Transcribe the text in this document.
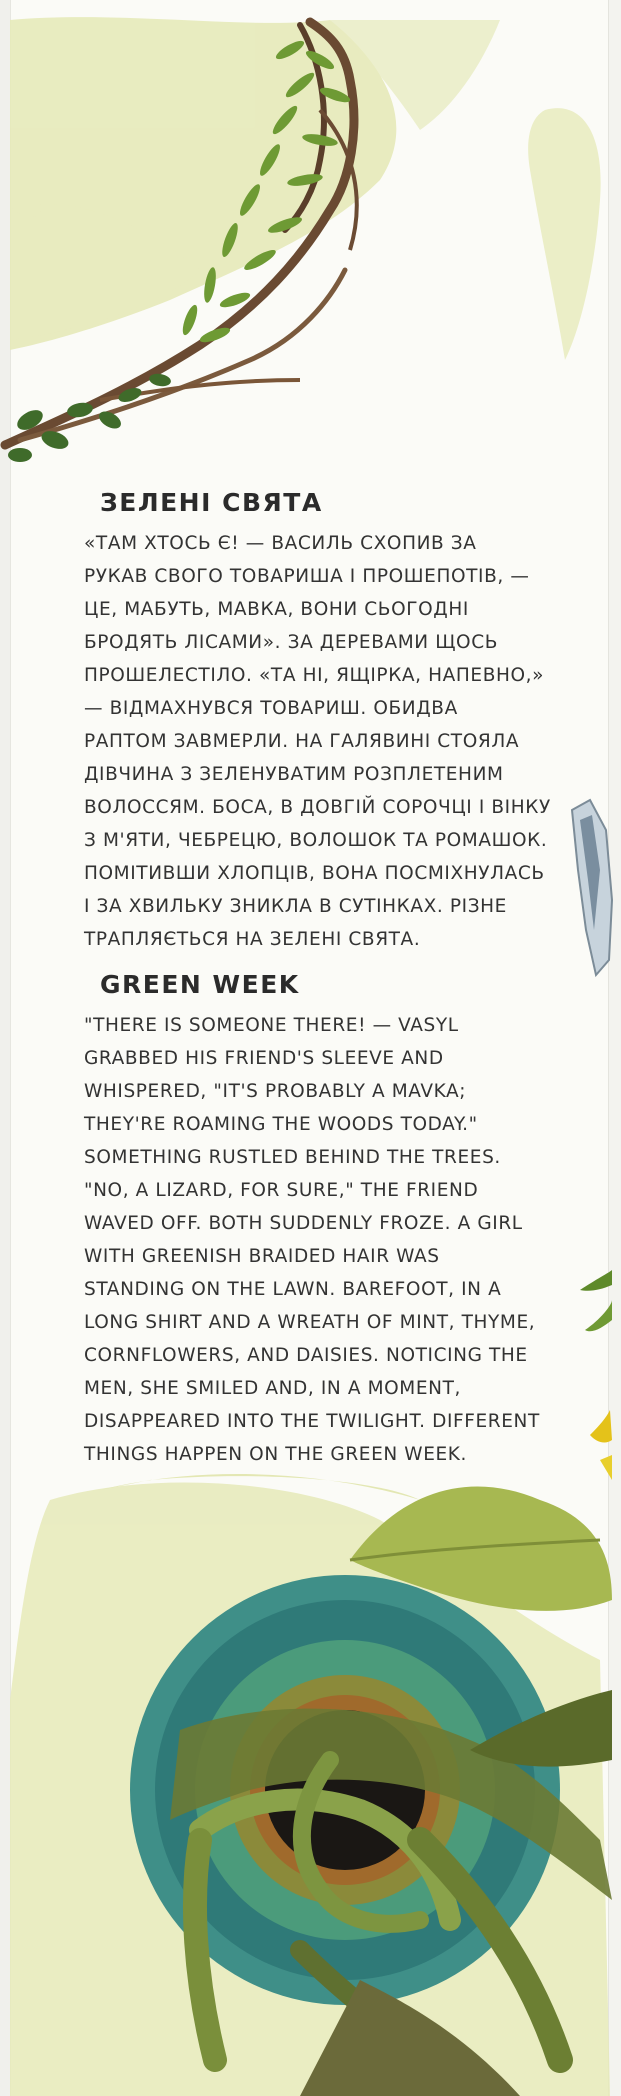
ЗЕЛЕНІ СВЯТА

«ТАМ ХТОСЬ Є! — ВАСИЛЬ СХОПИВ ЗА
РУКАВ СВОГО ТОВАРИША І ПРОШЕПОТІВ, —
ЦЕ, МАБУТЬ, МАВКА, ВОНИ СЬОГОДНІ
БРОДЯТЬ ЛІСАМИ». ЗА ДЕРЕВАМИ ЩОСЬ
ПРОШЕЛЕСТІЛО. «ТА НІ, ЯЩІРКА, НАПЕВНО,»
— ВІДМАХНУВСЯ ТОВАРИШ. ОБИДВА
РАПТОМ ЗАВМЕРЛИ. НА ГАЛЯВИНІ СТОЯЛА
ДІВЧИНА З ЗЕЛЕНУВАТИМ РОЗПЛЕТЕНИМ
ВОЛОССЯМ. БОСА, В ДОВГІЙ СОРОЧЦІ І ВІНКУ
З М'ЯТИ, ЧЕБРЕЦЮ, ВОЛОШОК ТА РОМАШОК.
ПОМІТИВШИ ХЛОПЦІВ, ВОНА ПОСМІХНУЛАСЬ
І ЗА ХВИЛЬКУ ЗНИКЛА В СУТІНКАХ. РІЗНЕ
ТРАПЛЯЄТЬСЯ НА ЗЕЛЕНІ СВЯТА.

GREEN WEEK

"THERE IS SOMEONE THERE! — VASYL
GRABBED HIS FRIEND'S SLEEVE AND
WHISPERED, "IT'S PROBABLY A MAVKA;
THEY'RE ROAMING THE WOODS TODAY."
SOMETHING RUSTLED BEHIND THE TREES.
"NO, A LIZARD, FOR SURE," THE FRIEND
WAVED OFF. BOTH SUDDENLY FROZE. A GIRL
WITH GREENISH BRAIDED HAIR WAS
STANDING ON THE LAWN. BAREFOOT, IN A
LONG SHIRT AND A WREATH OF MINT, THYME,
CORNFLOWERS, AND DAISIES. NOTICING THE
MEN, SHE SMILED AND, IN A MOMENT,
DISAPPEARED INTO THE TWILIGHT. DIFFERENT
THINGS HAPPEN ON THE GREEN WEEK.
